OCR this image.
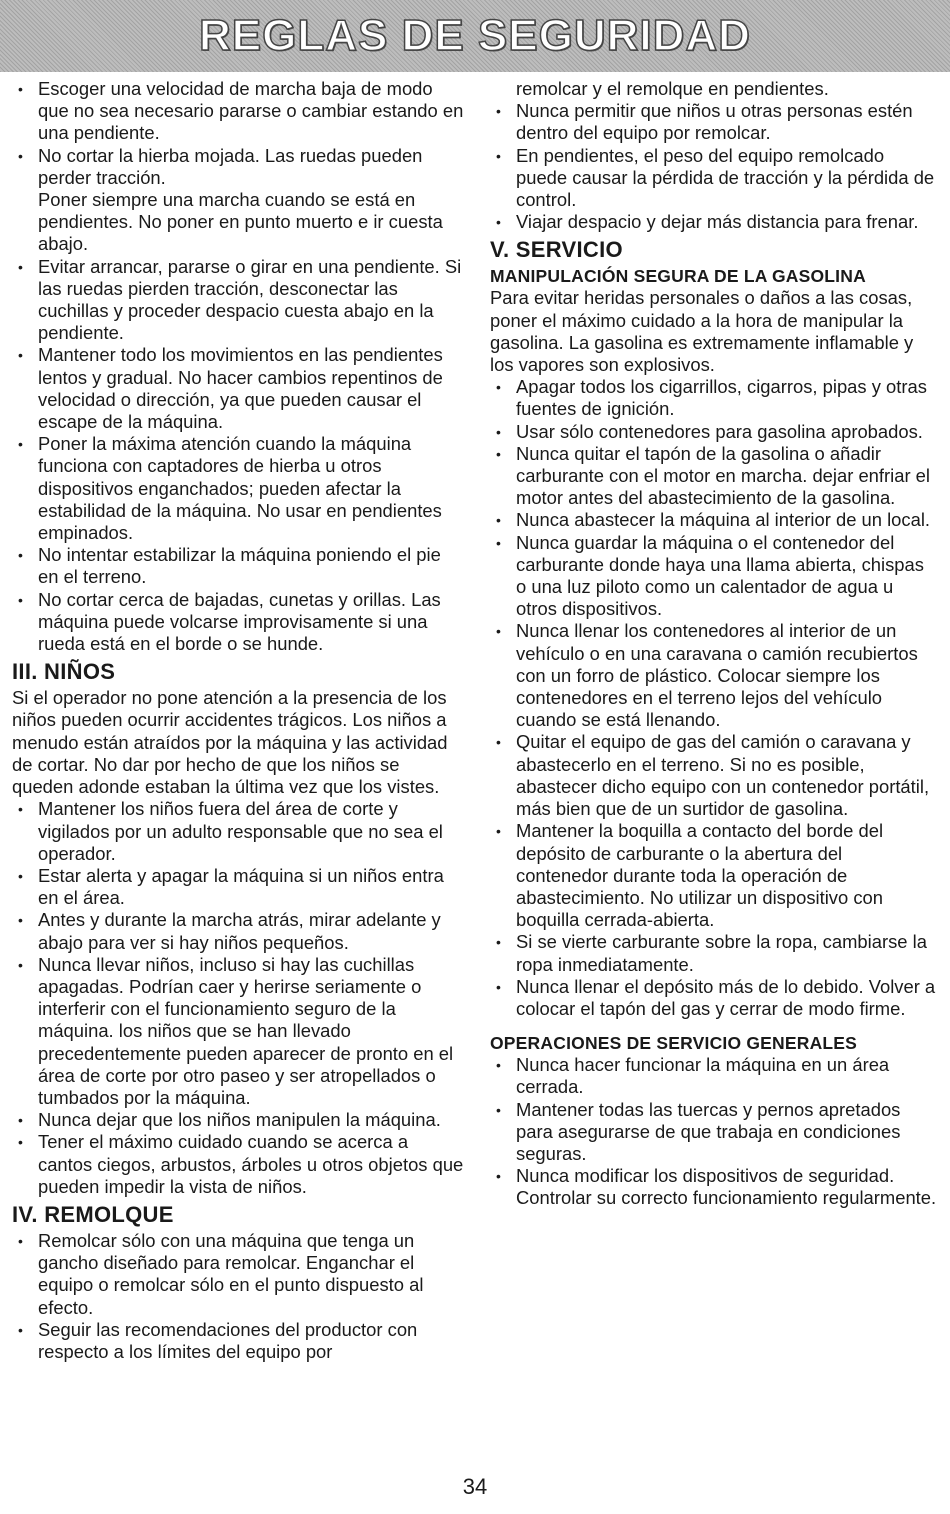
REGLAS DE SEGURIDAD
• Escoger una velocidad de marcha baja de modo que no sea necesario pararse o cambiar estando en una pendiente.
• No cortar la hierba mojada. Las ruedas pueden perder tracción.

Poner siempre una marcha cuando se está en pendientes. No poner en punto muerto e ir cuesta abajo.

• Evitar arrancar, pararse o girar en una pendiente. Si las ruedas pierden tracción, desconectar las cuchillas y proceder despacio cuesta abajo en la pendiente.
• Mantener todo los movimientos en las pendientes lentos y gradual. No hacer cambios repentinos de velocidad o dirección, ya que pueden causar el escape de la máquina.
• Poner la máxima atención cuando la máquina funciona con captadores de hierba u otros dispositivos enganchados; pueden afectar la estabilidad de la máquina. No usar en pendientes empinados.
• No intentar estabilizar la máquina poniendo el pie en el terreno.
• No cortar cerca de bajadas, cunetas y orillas. Las máquina puede volcarse improvisamente si una rueda está en el borde o se hunde.
III. NIÑOS

Si el operador no pone atención a la presencia de los niños pueden ocurrir accidentes trágicos. Los niños a menudo están atraídos por la máquina y las actividad de cortar. No dar por hecho de que los niños se queden adonde estaban la última vez que los vistes.

• Mantener los niños fuera del área de corte y vigilados por un adulto responsable que no sea el operador.
• Estar alerta y apagar la máquina si un niños entra en el área.
• Antes y durante la marcha atrás, mirar adelante y abajo para ver si hay niños pequeños.
• Nunca llevar niños, incluso si hay las cuchillas apagadas. Podrían caer y herirse seriamente o interferir con el funcionamiento seguro de la máquina. los niños que se han llevado precedentemente pueden aparecer de pronto en el área de corte por otro paseo y ser atropellados o tumbados por la máquina.
• Nunca dejar que los niños manipulen la máquina.
• Tener el máximo cuidado cuando se acerca a cantos ciegos, arbustos, árboles u otros objetos que pueden impedir la vista de niños.
IV. REMOLQUE
• Remolcar sólo con una máquina que tenga un gancho diseñado para remolcar. Enganchar el equipo o remolcar sólo en el punto dispuesto al efecto.
• Seguir las recomendaciones del productor con respecto a los límites del equipo por

remolcar y el remolque en pendientes.

• Nunca permitir que niños u otras personas estén dentro del equipo por remolcar.
• En pendientes, el peso del equipo remolcado puede causar la pérdida de tracción y la pérdida de control.
• Viajar despacio y dejar más distancia para frenar.
V. SERVICIO
MANIPULACIÓN SEGURA DE LA GASOLINA

Para evitar heridas personales o daños a las cosas, poner el máximo cuidado a la hora de manipular la gasolina. La gasolina es extremamente inflamable y los vapores son explosivos.

• Apagar todos los cigarrillos, cigarros, pipas y otras fuentes de ignición.
• Usar sólo contenedores para gasolina aprobados.
• Nunca quitar el tapón de la gasolina o añadir carburante con el motor en marcha. dejar enfriar el motor antes del abastecimiento de la gasolina.
• Nunca abastecer la máquina al interior de un local.
• Nunca guardar la máquina o el contenedor del carburante donde haya una llama abierta, chispas o una luz piloto como un calentador de agua u otros dispositivos.
• Nunca llenar los contenedores al interior de un vehículo o en una caravana o camión recubiertos con un forro de plástico. Colocar siempre los contenedores en el terreno lejos del vehículo cuando se está llenando.
• Quitar el equipo de gas del camión o caravana y abastecerlo en el terreno. Si no es posible, abastecer dicho equipo con un contenedor portátil, más bien que de un surtidor de gasolina.
• Mantener la boquilla a contacto del borde del depósito de carburante o la abertura del contenedor durante toda la operación de abastecimiento. No utilizar un dispositivo con boquilla cerrada-abierta.
• Si se vierte carburante sobre la ropa, cambiarse la ropa inmediatamente.
• Nunca llenar el depósito más de lo debido. Volver a colocar el tapón del gas y cerrar de modo firme.
OPERACIONES DE SERVICIO GENERALES
• Nunca hacer funcionar la máquina en un área cerrada.
• Mantener todas las tuercas y pernos apretados para asegurarse de que trabaja en condiciones seguras.
• Nunca modificar los dispositivos de seguridad. Controlar su correcto funcionamiento regularmente.
34
